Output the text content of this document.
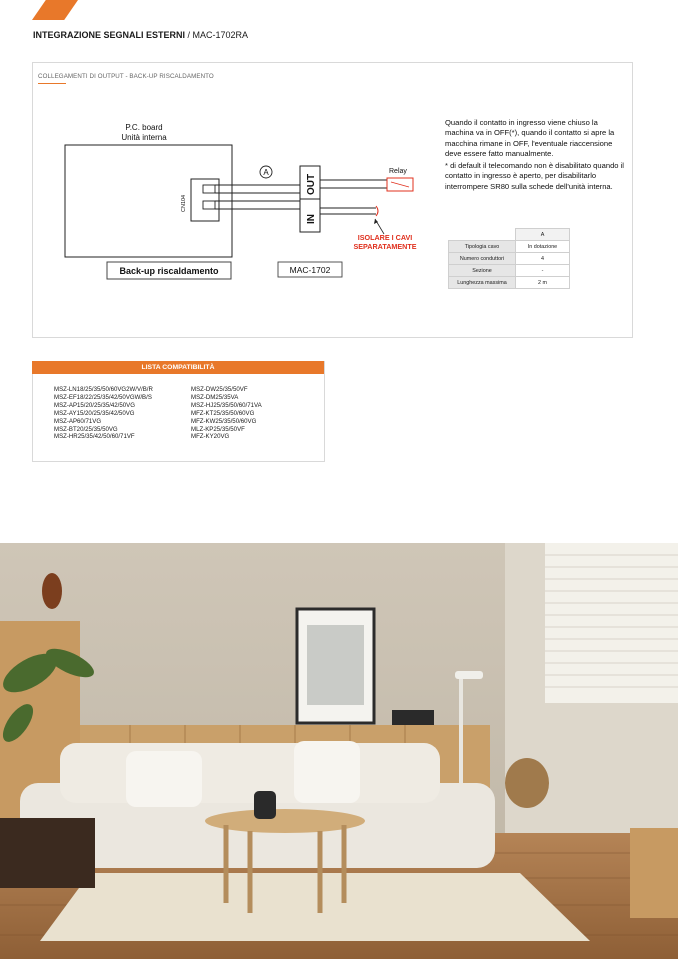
INTEGRAZIONE SEGNALI ESTERNI / MAC-1702RA
COLLEGAMENTI DI OUTPUT - BACK-UP RISCALDAMENTO
P.C. board
Unità interna
CN104
A
OUT
IN
Relay
ISOLARE I CAVI
SEPARATAMENTE
Back-up riscaldamento	MAC-1702

Quando il contatto in ingresso viene chiuso la machina va in OFF(*), quando il contatto si apre la macchina rimane in OFF, l'eventuale riaccensione deve essere fatto manualmente.

* di default il telecomando non è disabilitato quando il contatto in ingresso è aperto, per disabilitarlo interrompere SR80 sulla schede dell'unità interna.

	A
Tipologia cavo	In dotazione
Numero conduttori	4
Sezione	-
Lunghezza massima	2 m
LISTA COMPATIBILITÀ
MSZ-LN18/25/35/50/60VG2W/V/B/R
MSZ-EF18/22/25/35/42/50VGW/B/S
MSZ-AP15/20/25/35/42/50VG
MSZ-AY15/20/25/35/42/50VG
MSZ-AP60/71VG
MSZ-BT20/25/35/50VG
MSZ-HR25/35/42/50/60/71VF
MSZ-DW25/35/50VF
MSZ-DM25/35VA
MSZ-HJ25/35/50/60/71VA
MFZ-KT25/35/50/60VG
MFZ-KW25/35/50/60VG
MLZ-KP25/35/50VF
MFZ-KY20VG
